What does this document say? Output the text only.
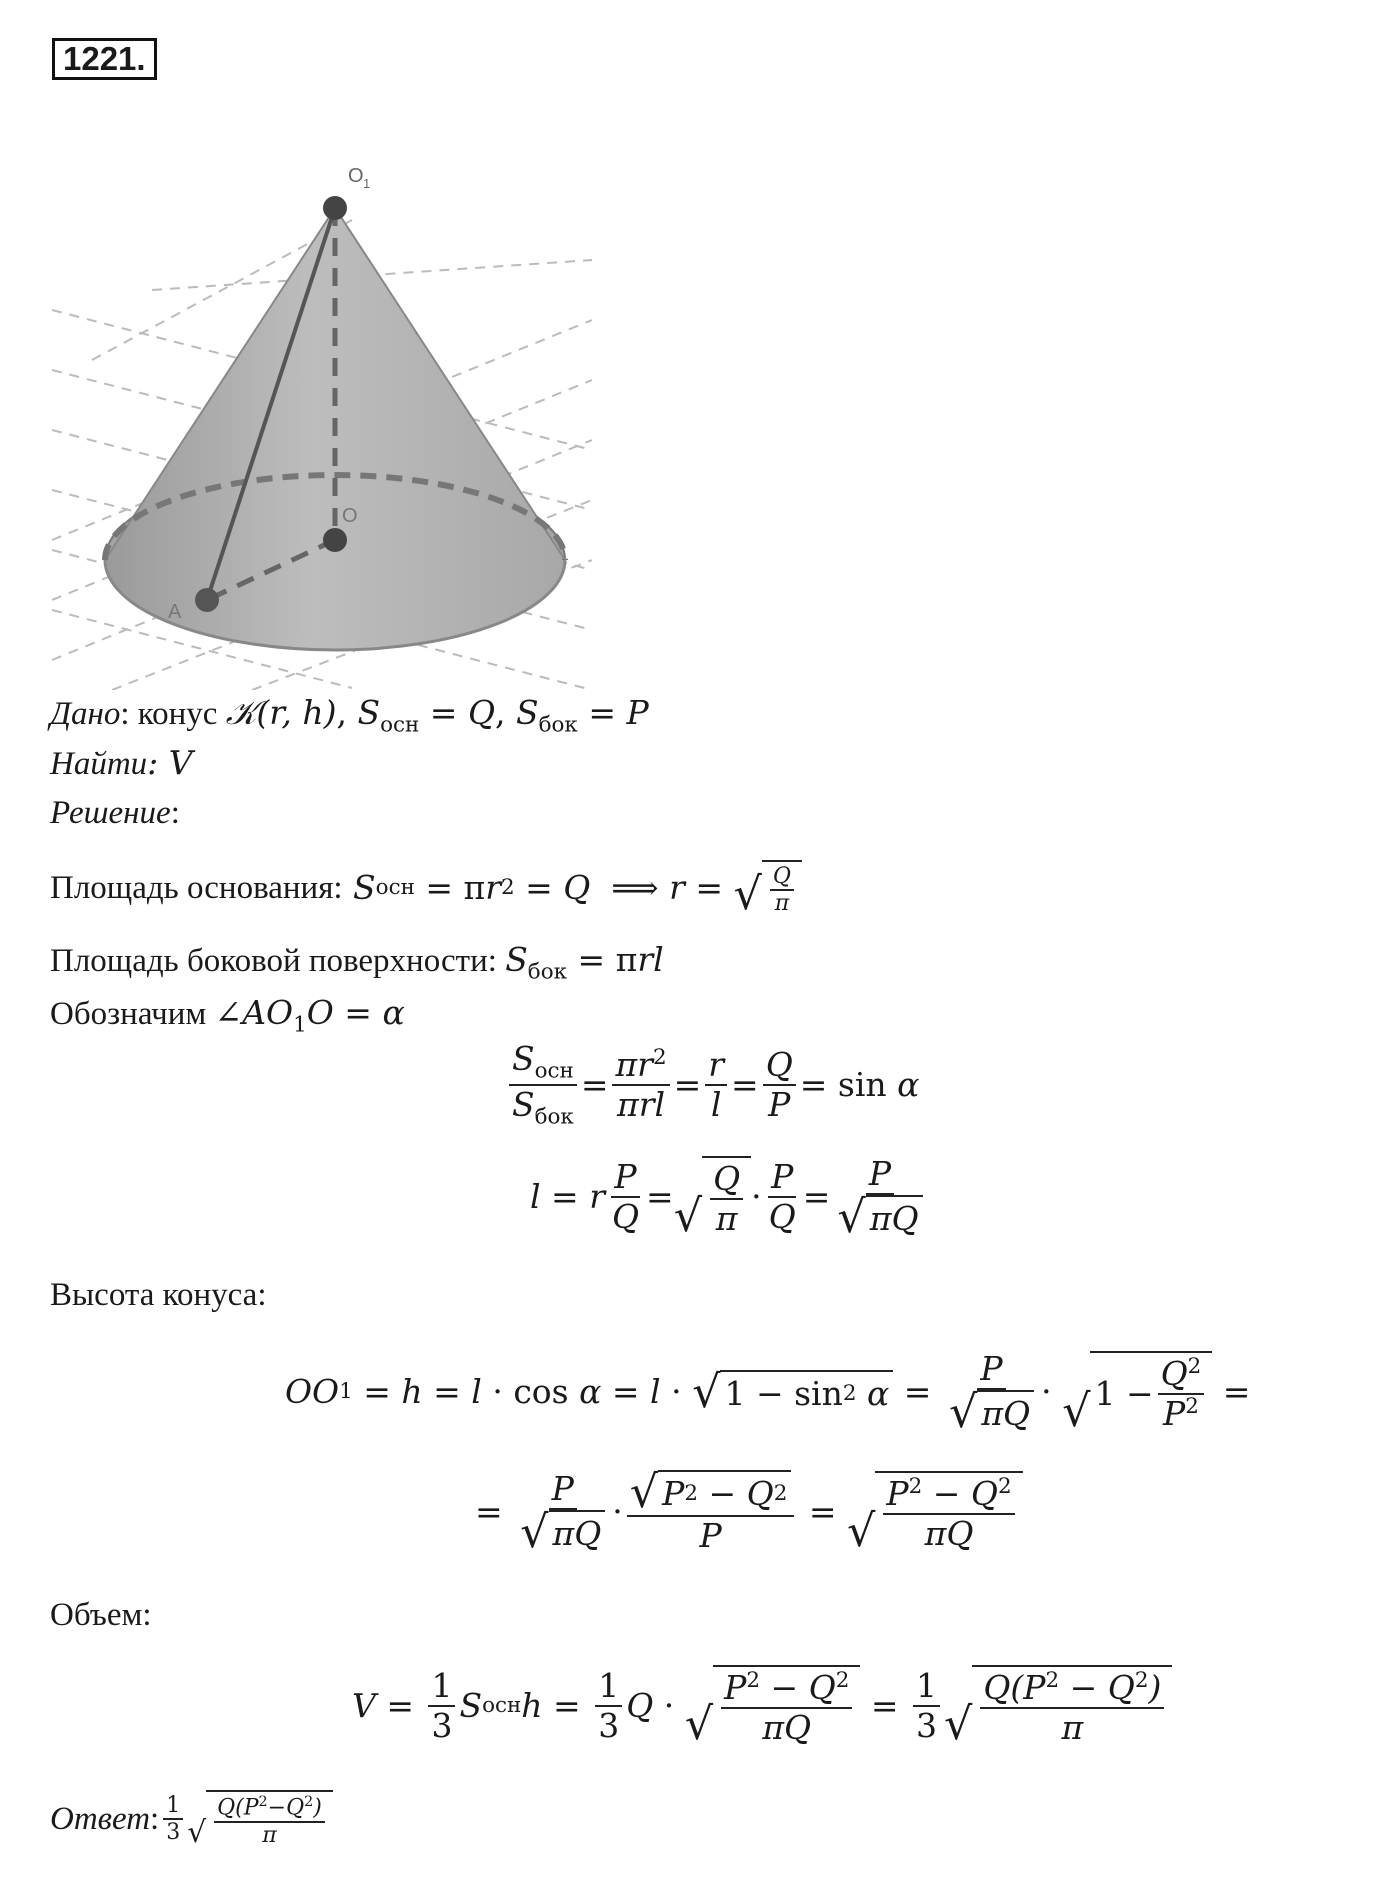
1221.
O 1
O
A
Дано: конус 𝒦(r, h), $S_{осн} = Q$, $S_{бок} = P$
Найти: V
Решение:
Площадь основания: S осн = π r 2 = Q ⟹ r = √ $\frac{Q}{\pi}$
Площадь боковой поверхности: $S_{бок} = \pi rl$
Обозначим $\angle AO_1O = \alpha$
$\frac{S_{осн}}{S_{бок}} = \frac{\pi r^2}{\text{πrl}} = \frac{r}{l} = \frac{Q}{P} = \sin \alpha$
l = r $\frac{P}{Q}$ = √ $\frac{Q}{\pi} \cdot \frac{P}{Q} = \frac{P}{√ \pi Q}$
Высота конуса:
OO 1 = h = l · cos α = l · √ 1 − sin 2
$\alpha = \frac{P}{√ \pi Q}$ · √ $1 - \frac{Q^2}{P^2}$ =
= $\frac{P}{√ \pi Q}$ · √ P 2
− Q 2
P = √ $\frac{P^2 - Q^2}{\pi Q}$
Объем:
$V = \frac{1}{3}$ S осн $h = \frac{1}{3}$ Q · √ $\frac{P^2 - Q^2}{\pi Q} = \frac{1}{3}$ √ $\frac{Q(P^2 - Q^2)}{\pi}$
Ответ : $\frac{1}{3}$ √ $\frac{Q(P^2-Q^2)}{\pi}$
